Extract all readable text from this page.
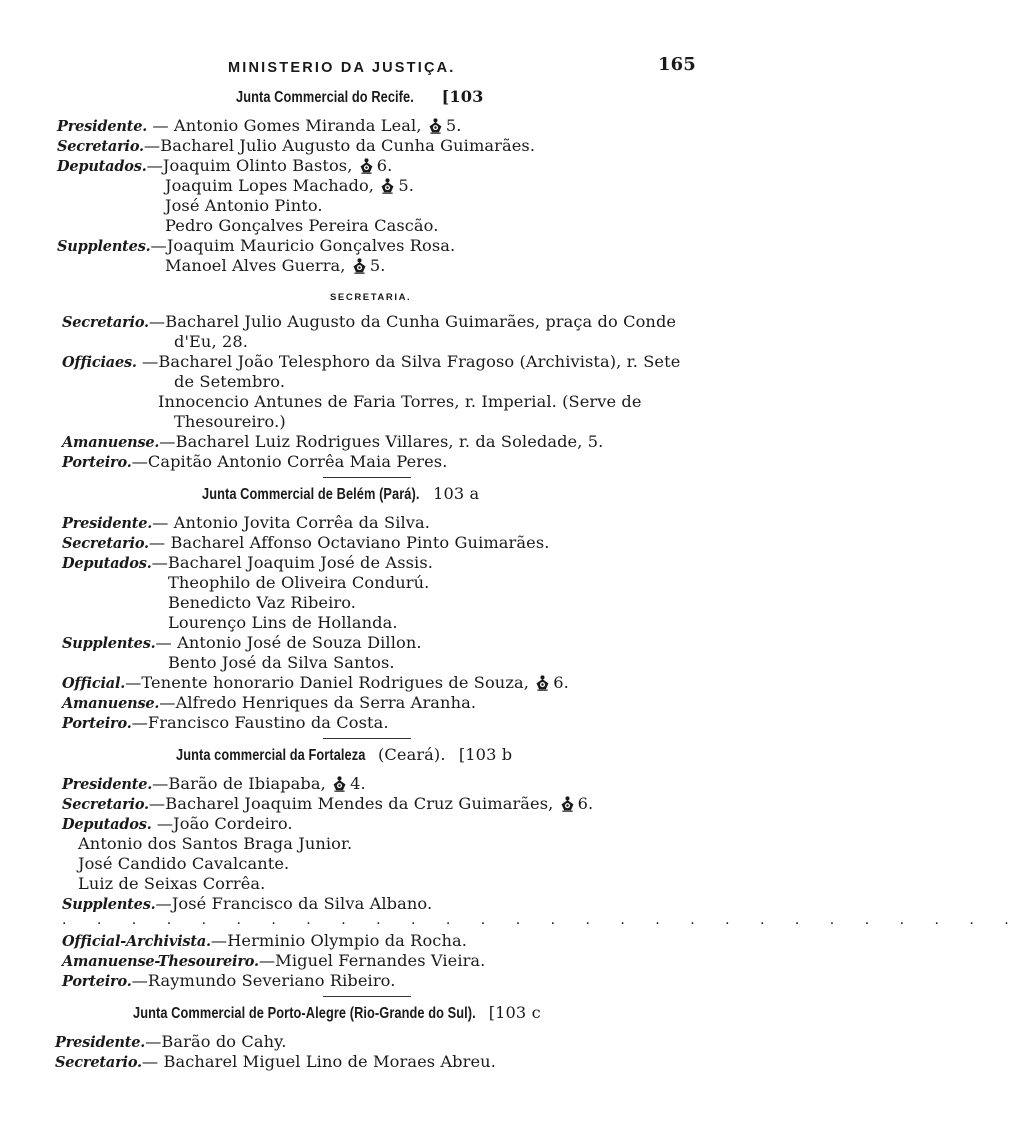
MINISTERIO DA JUSTIÇA.	165
Junta Commercial do Recife. [103
Presidente. — Antonio Gomes Miranda Leal, 5.
Secretario.—Bacharel Julio Augusto da Cunha Guimarães.
Deputados.—Joaquim Olinto Bastos, 6.
Joaquim Lopes Machado, 5.
José Antonio Pinto.
Pedro Gonçalves Pereira Cascão.
Supplentes.—Joaquim Mauricio Gonçalves Rosa.
Manoel Alves Guerra, 5.
SECRETARIA.
Secretario.—Bacharel Julio Augusto da Cunha Guimarães, praça do Conde
d'Eu, 28.
Officiaes. —Bacharel João Telesphoro da Silva Fragoso (Archivista), r. Sete
de Setembro.
Innocencio Antunes de Faria Torres, r. Imperial. (Serve de
Thesoureiro.)
Amanuense.—Bacharel Luiz Rodrigues Villares, r. da Soledade, 5.
Porteiro.—Capitão Antonio Corrêa Maia Peres.
Junta Commercial de Belém (Pará). 103 a
Presidente.— Antonio Jovita Corrêa da Silva.
Secretario.— Bacharel Affonso Octaviano Pinto Guimarães.
Deputados.—Bacharel Joaquim José de Assis.
Theophilo de Oliveira Condurú.
Benedicto Vaz Ribeiro.
Lourenço Lins de Hollanda.
Supplentes.— Antonio José de Souza Dillon.
Bento José da Silva Santos.
Official.—Tenente honorario Daniel Rodrigues de Souza, 6.
Amanuense.—Alfredo Henriques da Serra Aranha.
Porteiro.—Francisco Faustino da Costa.
Junta commercial da Fortaleza (Ceará). [103 b
Presidente.—Barão de Ibiapaba, 4.
Secretario.—Bacharel Joaquim Mendes da Cruz Guimarães, 6.
Deputados. —João Cordeiro.
Antonio dos Santos Braga Junior.
José Candido Cavalcante.
Luiz de Seixas Corrêa.
Supplentes.—José Francisco da Silva Albano.
. . . . . . . . . . . . . . . . . . . . . . . . . . . .
Official-Archivista.—Herminio Olympio da Rocha.
Amanuense-Thesoureiro.—Miguel Fernandes Vieira.
Porteiro.—Raymundo Severiano Ribeiro.
Junta Commercial de Porto-Alegre (Rio-Grande do Sul). [103 c
Presidente.—Barão do Cahy.
Secretario.— Bacharel Miguel Lino de Moraes Abreu.
